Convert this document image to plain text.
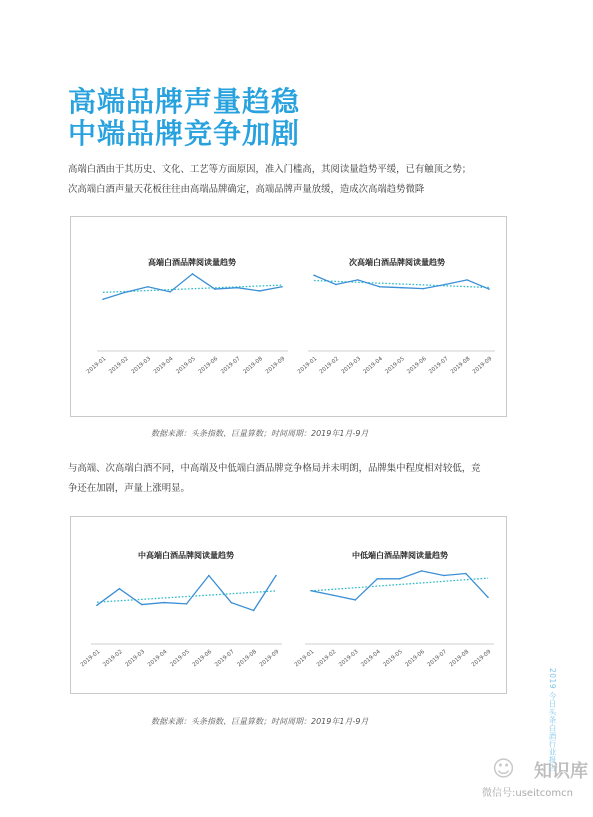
高端品牌声量趋稳
中端品牌竞争加剧
高端白酒由于其历史、文化、工艺等方面原因，准入门槛高，其阅读量趋势平缓，已有触顶之势；
次高端白酒声量天花板往往由高端品牌确定，高端品牌声量放缓，造成次高端趋势微降
高端白酒品牌阅读量趋势
2019-01 2019-02 2019-03 2019-04 2019-05 2019-06 2019-07 2019-08 2019-09
次高端白酒品牌阅读量趋势
2019-01 2019-02 2019-03 2019-04 2019-05 2019-06 2019-07 2019-08 2019-09
数据来源：头条指数、巨量算数；时间周期：2019年1月-9月
与高端、次高端白酒不同，中高端及中低端白酒品牌竞争格局并未明朗，品牌集中程度相对较低，竞
争还在加剧，声量上涨明显。
中高端白酒品牌阅读量趋势
2019-01 2019-02 2019-03 2019-04 2019-05 2019-06 2019-07 2019-08 2019-09
中低端白酒品牌阅读量趋势
2019-01 2019-02 2019-03 2019-04 2019-05 2019-06 2019-07 2019-08 2019-09
数据来源：头条指数、巨量算数；时间周期：2019年1月-9月	2019 今日头条白酒行业报告
☺ 知识库
微信号:useitcomcn
